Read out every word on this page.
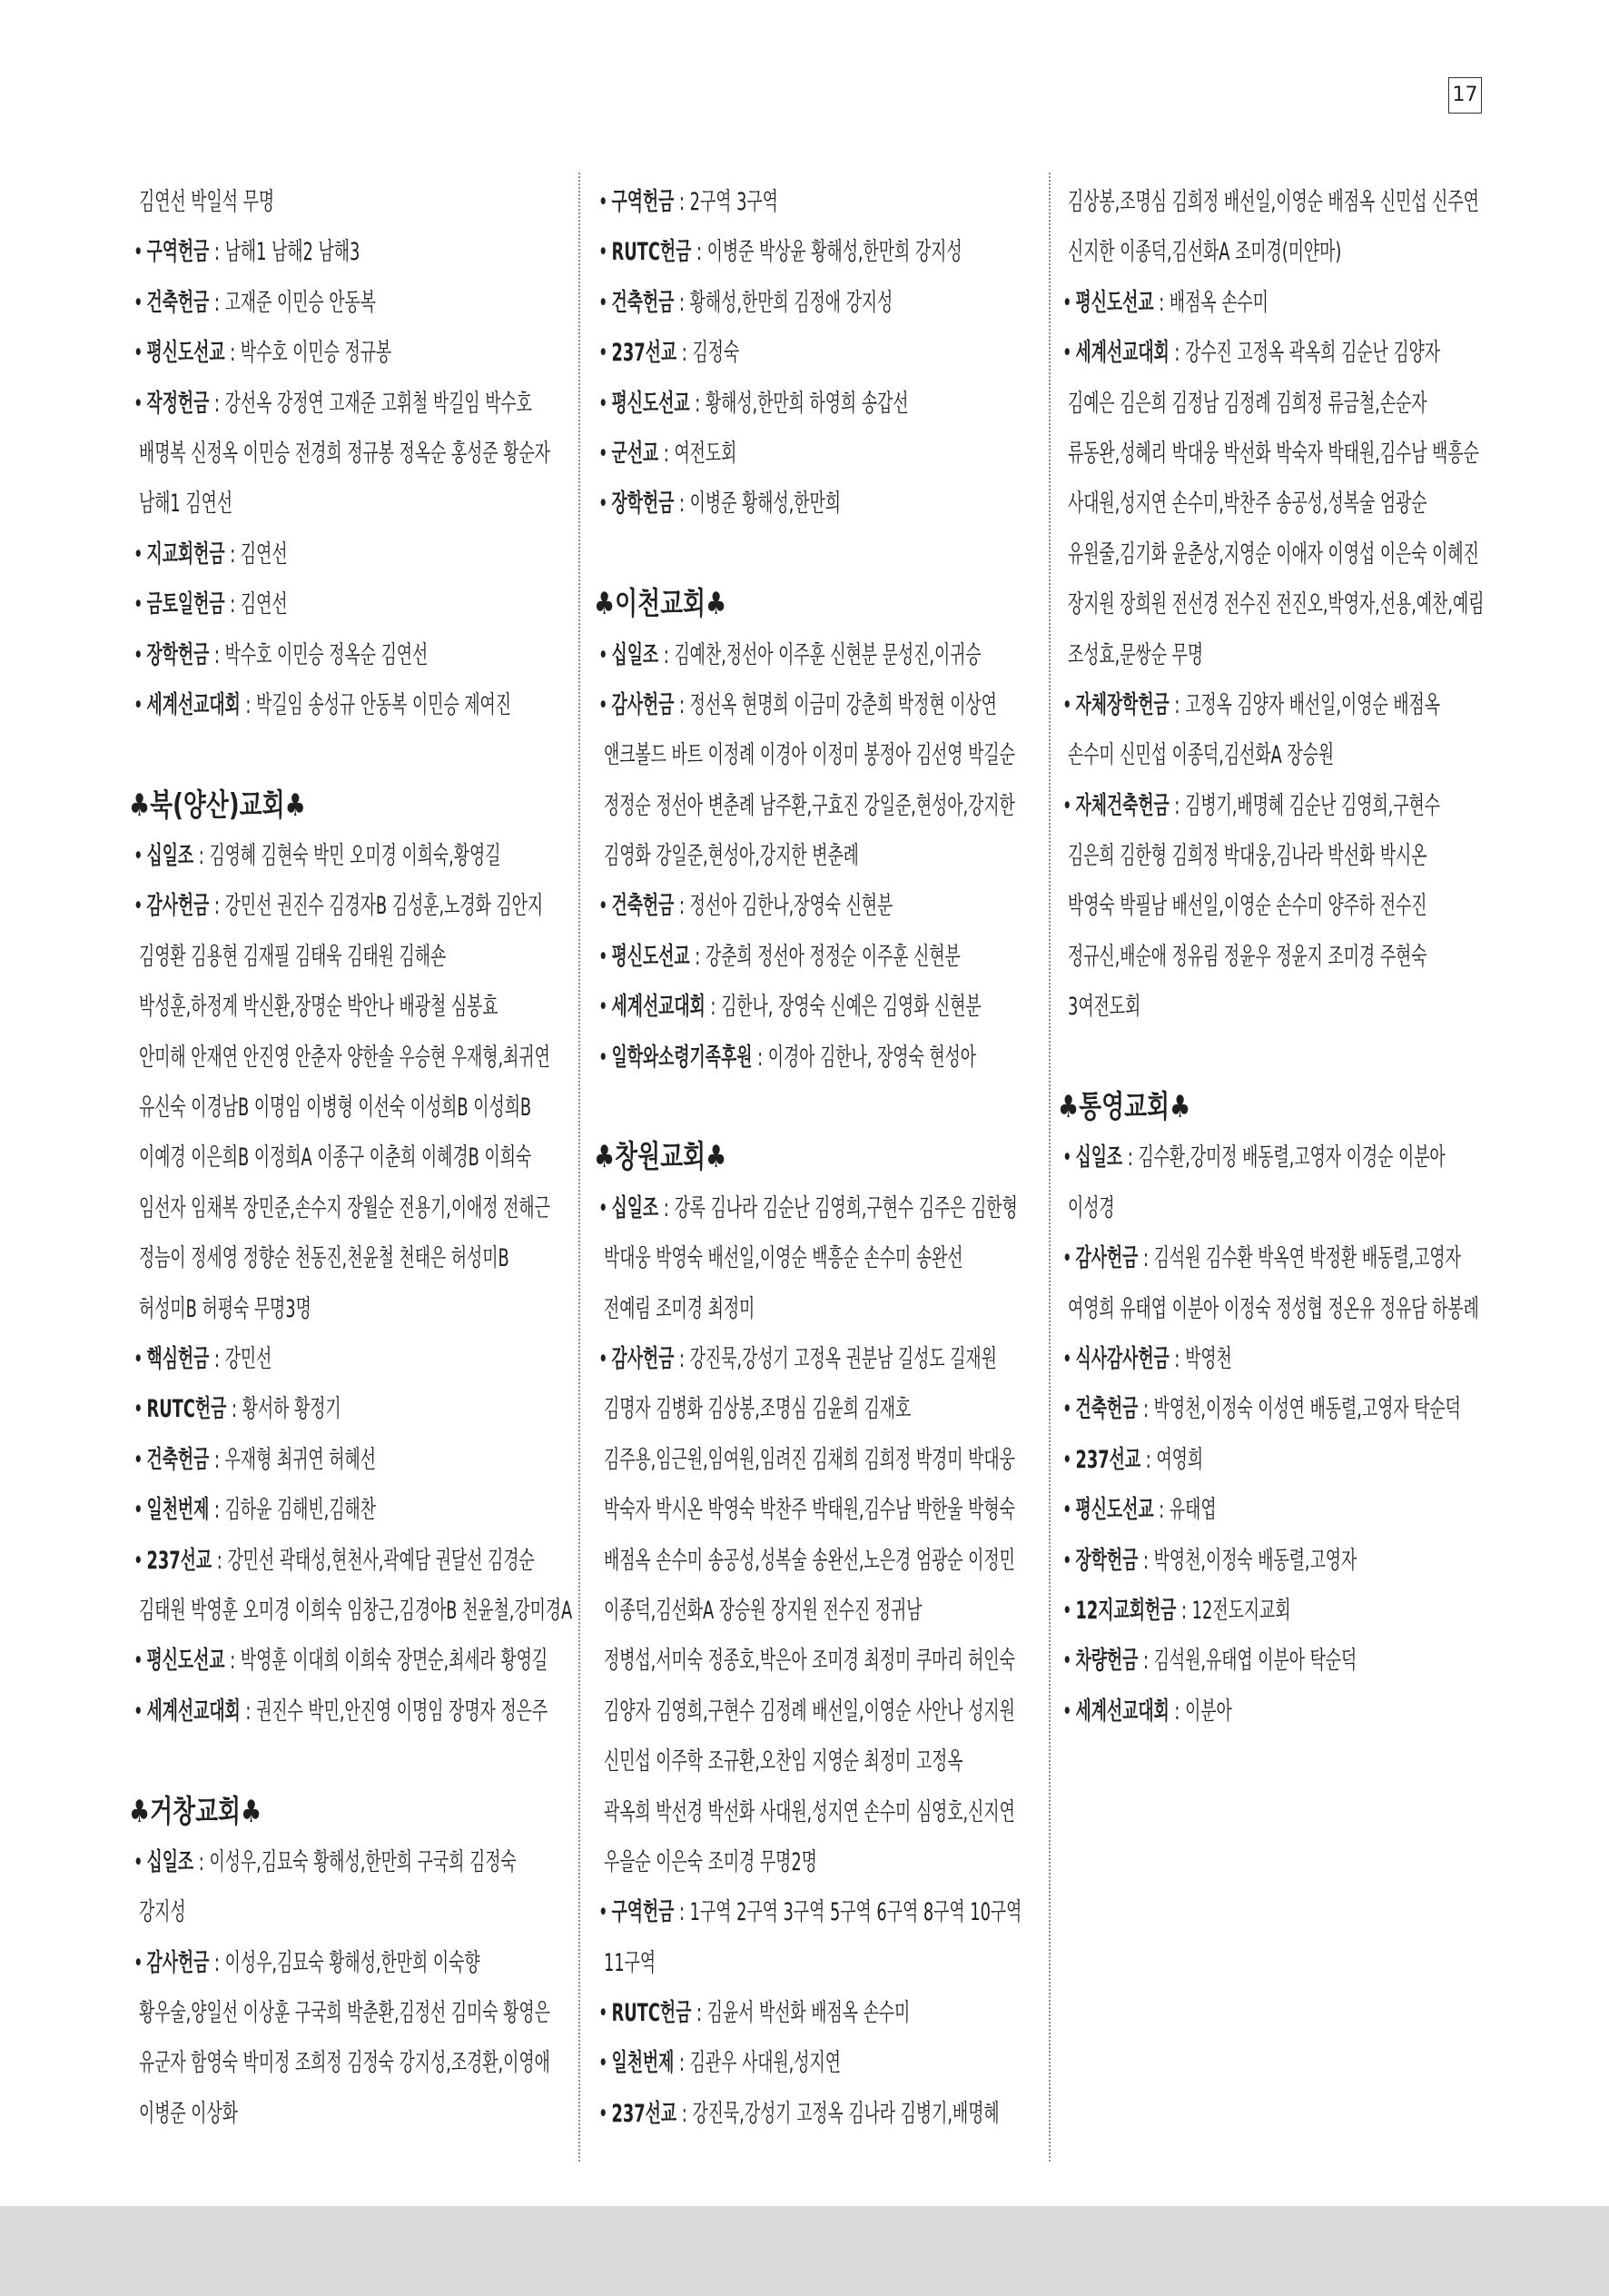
17
김연선 박일석 무명
• 구역헌금 : 남해1 남해2 남해3
• 건축헌금 : 고재준 이민승 안동복
• 평신도선교 : 박수호 이민승 정규봉
• 작정헌금 : 강선옥 강정연 고재준 고휘철 박길임 박수호
배명복 신정옥 이민승 전경희 정규봉 정옥순 홍성준 황순자
남해1 김연선
• 지교회헌금 : 김연선
• 금토일헌금 : 김연선
• 장학헌금 : 박수호 이민승 정옥순 김연선
• 세계선교대회 : 박길임 송성규 안동복 이민승 제여진
♣북(양산)교회♣
• 십일조 : 김영혜 김현숙 박민 오미경 이희숙,황영길
• 감사헌금 : 강민선 권진수 김경자B 김성훈,노경화 김안지
김영환 김용현 김재필 김태욱 김태원 김해숀
박성훈,하정계 박신환,장명순 박안나 배광철 심봉효
안미해 안재연 안진영 안춘자 양한솔 우승현 우재형,최귀연
유신숙 이경남B 이명임 이병형 이선숙 이성희B 이성희B
이예경 이은희B 이정희A 이종구 이춘희 이혜경B 이희숙
임선자 임채복 장민준,손수지 장월순 전용기,이애정 전해근
정늠이 정세영 정향순 천동진,천윤철 천태은 허성미B
허성미B 허평숙 무명3명
• 핵심헌금 : 강민선
• RUTC헌금 : 황서하 황정기
• 건축헌금 : 우재형 최귀연 허혜선
• 일천번제 : 김하윤 김해빈,김해찬
• 237선교 : 강민선 곽태성,현천사,곽예담 권달선 김경순
김태원 박영훈 오미경 이희숙 임창근,김경아B 천윤철,강미경A
• 평신도선교 : 박영훈 이대희 이희숙 장면순,최세라 황영길
• 세계선교대회 : 권진수 박민,안진영 이명임 장명자 정은주
♣거창교회♣
• 십일조 : 이성우,김묘숙 황해성,한만희 구국희 김정숙
강지성
• 감사헌금 : 이성우,김묘숙 황해성,한만희 이숙향
황우술,양일선 이상훈 구국희 박춘환,김정선 김미숙 황영은
유군자 함영숙 박미정 조희정 김정숙 강지성,조경환,이영애
이병준 이상화
• 구역헌금 : 2구역 3구역
• RUTC헌금 : 이병준 박상윤 황해성,한만희 강지성
• 건축헌금 : 황해성,한만희 김정애 강지성
• 237선교 : 김정숙
• 평신도선교 : 황해성,한만희 하영희 송갑선
• 군선교 : 여전도회
• 장학헌금 : 이병준 황해성,한만희
♣이천교회♣
• 십일조 : 김예찬,정선아 이주훈 신현분 문성진,이귀승
• 감사헌금 : 정선옥 현명희 이금미 강춘희 박정현 이상연
앤크볼드 바트 이정례 이경아 이정미 봉정아 김선영 박길순
정정순 정선아 변춘례 남주환,구효진 강일준,현성아,강지한
김영화 강일준,현성아,강지한 변춘례
• 건축헌금 : 정선아 김한나,장영숙 신현분
• 평신도선교 : 강춘희 정선아 정정순 이주훈 신현분
• 세계선교대회 : 김한나, 장영숙 신예은 김영화 신현분
• 일학와소령기족후원 : 이경아 김한나, 장영숙 현성아
♣창원교회♣
• 십일조 : 강록 김나라 김순난 김영희,구현수 김주은 김한형
박대웅 박영숙 배선일,이영순 백흥순 손수미 송완선
전예림 조미경 최정미
• 감사헌금 : 강진묵,강성기 고정옥 권분남 길성도 길재원
김명자 김병화 김상봉,조명심 김윤희 김재호
김주용,임근원,임여원,임려진 김채희 김희정 박경미 박대웅
박숙자 박시온 박영숙 박찬주 박태원,김수남 박한울 박형숙
배점옥 손수미 송공성,성복술 송완선,노은경 엄광순 이정민
이종덕,김선화A 장승원 장지원 전수진 정귀남
정병섭,서미숙 정종호,박은아 조미경 최정미 쿠마리 허인숙
김양자 김영희,구현수 김정례 배선일,이영순 사안나 성지원
신민섭 이주학 조규환,오찬임 지영순 최정미 고정옥
곽옥희 박선경 박선화 사대원,성지연 손수미 심영호,신지연
우을순 이은숙 조미경 무명2명
• 구역헌금 : 1구역 2구역 3구역 5구역 6구역 8구역 10구역
11구역
• RUTC헌금 : 김윤서 박선화 배점옥 손수미
• 일천번제 : 김관우 사대원,성지연
• 237선교 : 강진묵,강성기 고정옥 김나라 김병기,배명혜
김상봉,조명심 김희정 배선일,이영순 배점옥 신민섭 신주연
신지한 이종덕,김선화A 조미경(미얀마)
• 평신도선교 : 배점옥 손수미
• 세계선교대회 : 강수진 고정옥 곽옥희 김순난 김양자
김예은 김은희 김정남 김정례 김희정 류금철,손순자
류동완,성혜리 박대웅 박선화 박숙자 박태원,김수남 백흥순
사대원,성지연 손수미,박찬주 송공성,성복술 엄광순
유원줄,김기화 윤춘상,지영순 이애자 이영섭 이은숙 이혜진
장지원 장희원 전선경 전수진 전진오,박영자,선용,예찬,예림
조성효,문쌍순 무명
• 자체장학헌금 : 고정옥 김양자 배선일,이영순 배점옥
손수미 신민섭 이종덕,김선화A 장승원
• 자체건축헌금 : 김병기,배명혜 김순난 김영희,구현수
김은희 김한형 김희정 박대웅,김나라 박선화 박시온
박영숙 박필남 배선일,이영순 손수미 양주하 전수진
정규신,배순애 정유림 정윤우 정윤지 조미경 주현숙
3여전도회
♣통영교회♣
• 십일조 : 김수환,강미정 배동렬,고영자 이경순 이분아
이성경
• 감사헌금 : 김석원 김수환 박옥연 박정환 배동렬,고영자
여영희 유태엽 이분아 이정숙 정성협 정온유 정유담 하봉례
• 식사감사헌금 : 박영천
• 건축헌금 : 박영천,이정숙 이성연 배동렬,고영자 탁순덕
• 237선교 : 여영희
• 평신도선교 : 유태엽
• 장학헌금 : 박영천,이정숙 배동렬,고영자
• 12지교회헌금 : 12전도지교회
• 차량헌금 : 김석원,유태엽 이분아 탁순덕
• 세계선교대회 : 이분아
